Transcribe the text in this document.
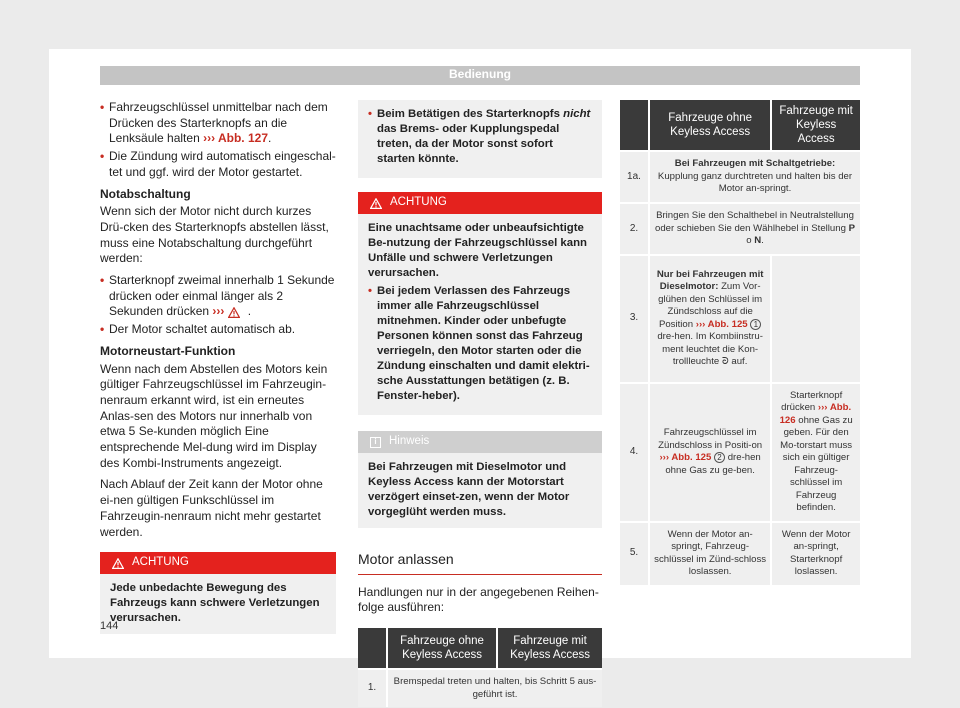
Bedienung
• Fahrzeugschlüssel unmittelbar nach dem Drücken des Starterknopfs an die Lenksäule halten ››› Abb. 127.
• Die Zündung wird automatisch eingeschal-tet und ggf. wird der Motor gestartet.
Notabschaltung

Wenn sich der Motor nicht durch kurzes Drü-cken des Starterknopfs abstellen lässt, muss eine Notabschaltung durchgeführt werden:

• Starterknopf zweimal innerhalb 1 Sekunde drücken oder einmal länger als 2 Sekunden drücken ››› .
• Der Motor schaltet automatisch ab.
Motorneustart-Funktion

Wenn nach dem Abstellen des Motors kein gültiger Fahrzeugschlüssel im Fahrzeugin-nenraum erkannt wird, ist ein erneutes Anlas-sen des Motors nur innerhalb von etwa 5 Se-kunden möglich Eine entsprechende Mel-dung wird im Display des Kombi-Instruments angezeigt.

Nach Ablauf der Zeit kann der Motor ohne ei-nen gültigen Funkschlüssel im Fahrzeugin-nenraum nicht mehr gestartet werden.

ACHTUNG
Jede unbedachte Bewegung des Fahrzeugs kann schwere Verletzungen verursachen.
• Beim Betätigen des Starterknopfs nicht das Brems- oder Kupplungspedal treten, da der Motor sonst sofort starten könnte.
ACHTUNG
Eine unachtsame oder unbeaufsichtigte Be-nutzung der Fahrzeugschlüssel kann Unfälle und schwere Verletzungen verursachen.
• Bei jedem Verlassen des Fahrzeugs immer alle Fahrzeugschlüssel mitnehmen. Kinder oder unbefugte Personen können sonst das Fahrzeug verriegeln, den Motor starten oder die Zündung einschalten und damit elektri-sche Ausstattungen betätigen (z. B. Fenster-heber).
i	Hinweis
Bei Fahrzeugen mit Dieselmotor und Keyless Access kann der Motorstart verzögert einset-zen, wenn der Motor vorgeglüht werden muss.
Motor anlassen

Handlungen nur in der angegebenen Reihen-folge ausführen:

	Fahrzeuge ohne Keyless Access	Fahrzeuge mit Keyless Access
1.	Bremspedal treten und halten, bis Schritt 5 aus-geführt ist.	
	Fahrzeuge ohne Keyless Access	Fahrzeuge mit Keyless Access
1a.	Bei Fahrzeugen mit Schaltgetriebe: Kupplung ganz durchtreten und halten bis der Motor an-springt.	
2.	Bringen Sie den Schalthebel in Neutralstellung oder schieben Sie den Wählhebel in Stellung P o N.	
3.	Nur bei Fahrzeugen mit Dieselmotor: Zum Vor-glühen den Schlüssel im Zündschloss auf die Position ››› Abb. 125 1 dre-hen. Im Kombiinstru-ment leuchtet die Kon-trollleuchte ᘐ auf.	
4.	Fahrzeugschlüssel im Zündschloss in Positi-on ››› Abb. 125 2 dre-hen ohne Gas zu ge-ben.	Starterknopf drücken ››› Abb. 126 ohne Gas zu geben. Für den Mo-torstart muss sich ein gültiger Fahrzeug-schlüssel im Fahrzeug befinden.
5.	Wenn der Motor an-springt, Fahrzeug-schlüssel im Zünd-schloss loslassen.	Wenn der Motor an-springt, Starterknopf loslassen.
144
